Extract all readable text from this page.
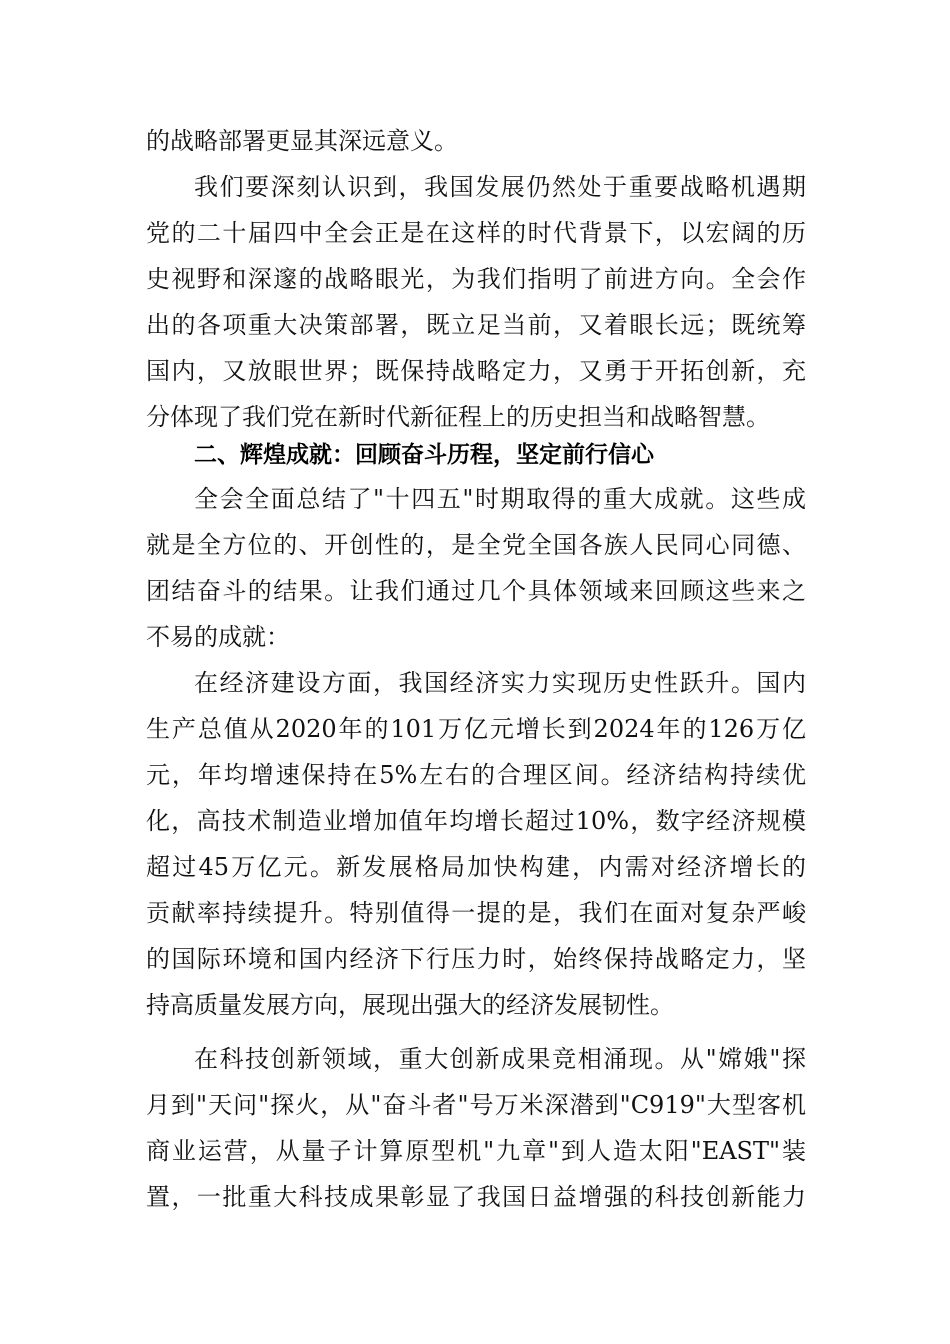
的战略部署更显其深远意义。
我们要深刻认识到，我国发展仍然处于重要战略机遇期
党的二十届四中全会正是在这样的时代背景下，以宏阔的历
史视野和深邃的战略眼光，为我们指明了前进方向。全会作
出的各项重大决策部署，既立足当前，又着眼长远；既统筹
国内，又放眼世界；既保持战略定力，又勇于开拓创新，充
分体现了我们党在新时代新征程上的历史担当和战略智慧。
二、辉煌成就：回顾奋斗历程，坚定前行信心
全会全面总结了"十四五"时期取得的重大成就。这些成
就是全方位的、开创性的，是全党全国各族人民同心同德、
团结奋斗的结果。让我们通过几个具体领域来回顾这些来之
不易的成就：
在经济建设方面，我国经济实力实现历史性跃升。国内
生产总值从2020年的101万亿元增长到2024年的126万亿
元，年均增速保持在5%左右的合理区间。经济结构持续优
化，高技术制造业增加值年均增长超过10%，数字经济规模
超过45万亿元。新发展格局加快构建，内需对经济增长的
贡献率持续提升。特别值得一提的是，我们在面对复杂严峻
的国际环境和国内经济下行压力时，始终保持战略定力，坚
持高质量发展方向，展现出强大的经济发展韧性。
在科技创新领域，重大创新成果竞相涌现。从"嫦娥"探
月到"天问"探火，从"奋斗者"号万米深潜到"C919"大型客机
商业运营，从量子计算原型机"九章"到人造太阳"EAST"装
置，一批重大科技成果彰显了我国日益增强的科技创新能力
